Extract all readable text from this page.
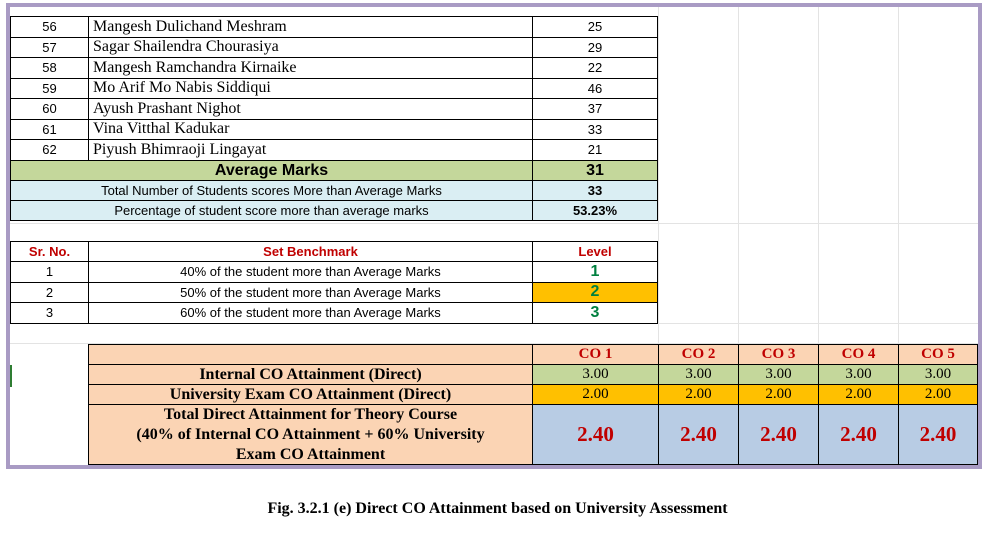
56 Mangesh Dulichand Meshram	25
57 Sagar Shailendra Chourasiya	29
58 Mangesh Ramchandra Kirnaike	22
59 Mo Arif Mo Nabis Siddiqui	46
60 Ayush Prashant Nighot	37
61 Vina Vitthal Kadukar	33
62 Piyush Bhimraoji Lingayat	21
Average Marks	31
Total Number of Students scores More than Average Marks	33
Percentage of student score more than average marks	53.23%
Sr. No.	Set Benchmark	Level
1	40% of the student more than Average Marks	1
2	50% of the student more than Average Marks	2
3	60% of the student more than Average Marks	3
CO 1	CO 2	CO 3	CO 4	CO 5
Internal CO Attainment (Direct)	3.00	3.00	3.00	3.00	3.00
University Exam CO Attainment (Direct)	2.00	2.00	2.00	2.00	2.00
Total Direct Attainment for Theory Course
(40% of Internal CO Attainment + 60% University
Exam CO Attainment
2.40	2.40 2.40 2.40 2.40
Fig. 3.2.1 (e) Direct CO Attainment based on University Assessment
